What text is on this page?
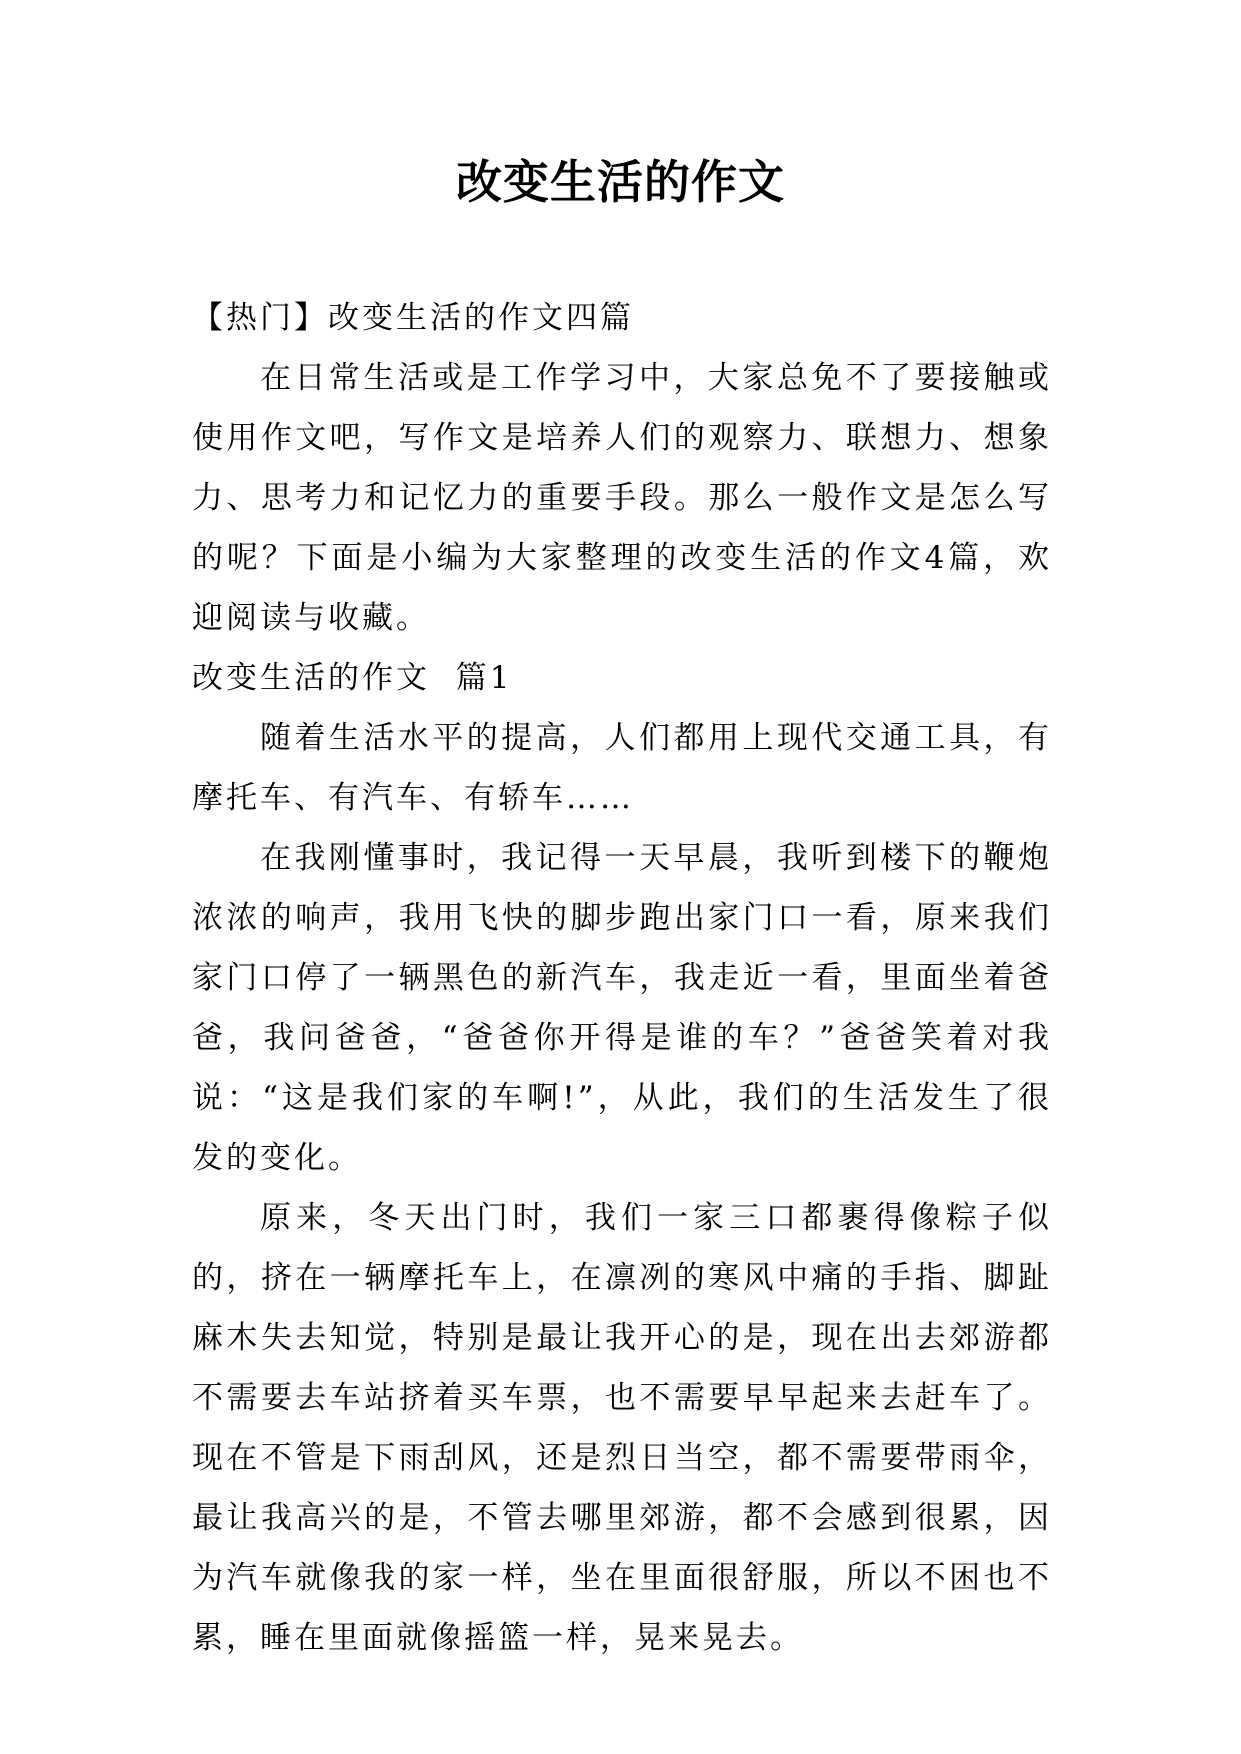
改变生活的作文

【热门】改变生活的作文四篇

在日常生活或是工作学习中，大家总免不了要接触或使用作文吧，写作文是培养人们的观察力、联想力、想象力、思考力和记忆力的重要手段。那么一般作文是怎么写的呢？下面是小编为大家整理的改变生活的作文4篇，欢迎阅读与收藏。

改变生活的作文  篇1

随着生活水平的提高，人们都用上现代交通工具，有摩托车、有汽车、有轿车……

在我刚懂事时，我记得一天早晨，我听到楼下的鞭炮浓浓的响声，我用飞快的脚步跑出家门口一看，原来我们家门口停了一辆黑色的新汽车，我走近一看，里面坐着爸爸，我问爸爸，“爸爸你开得是谁的车？”爸爸笑着对我说：“这是我们家的车啊!”，从此，我们的生活发生了很发的变化。

原来，冬天出门时，我们一家三口都裹得像粽子似的，挤在一辆摩托车上，在凛冽的寒风中痛的手指、脚趾麻木失去知觉，特别是最让我开心的是，现在出去郊游都不需要去车站挤着买车票，也不需要早早起来去赶车了。现在不管是下雨刮风，还是烈日当空，都不需要带雨伞，最让我高兴的是，不管去哪里郊游，都不会感到很累，因为汽车就像我的家一样，坐在里面很舒服，所以不困也不累，睡在里面就像摇篮一样，晃来晃去。
